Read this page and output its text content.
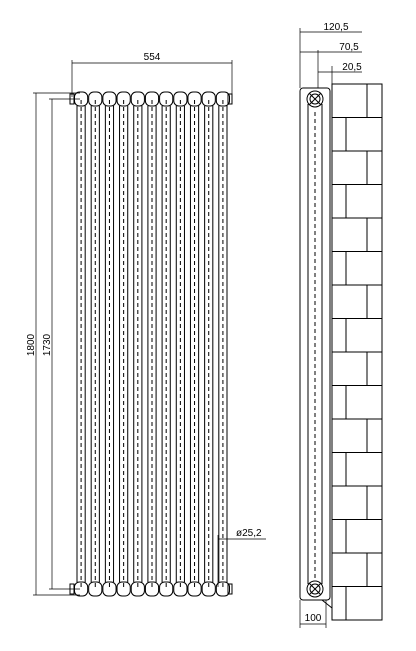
554
1800 1730
ø25,2
120,5
70,5
20,5
100
